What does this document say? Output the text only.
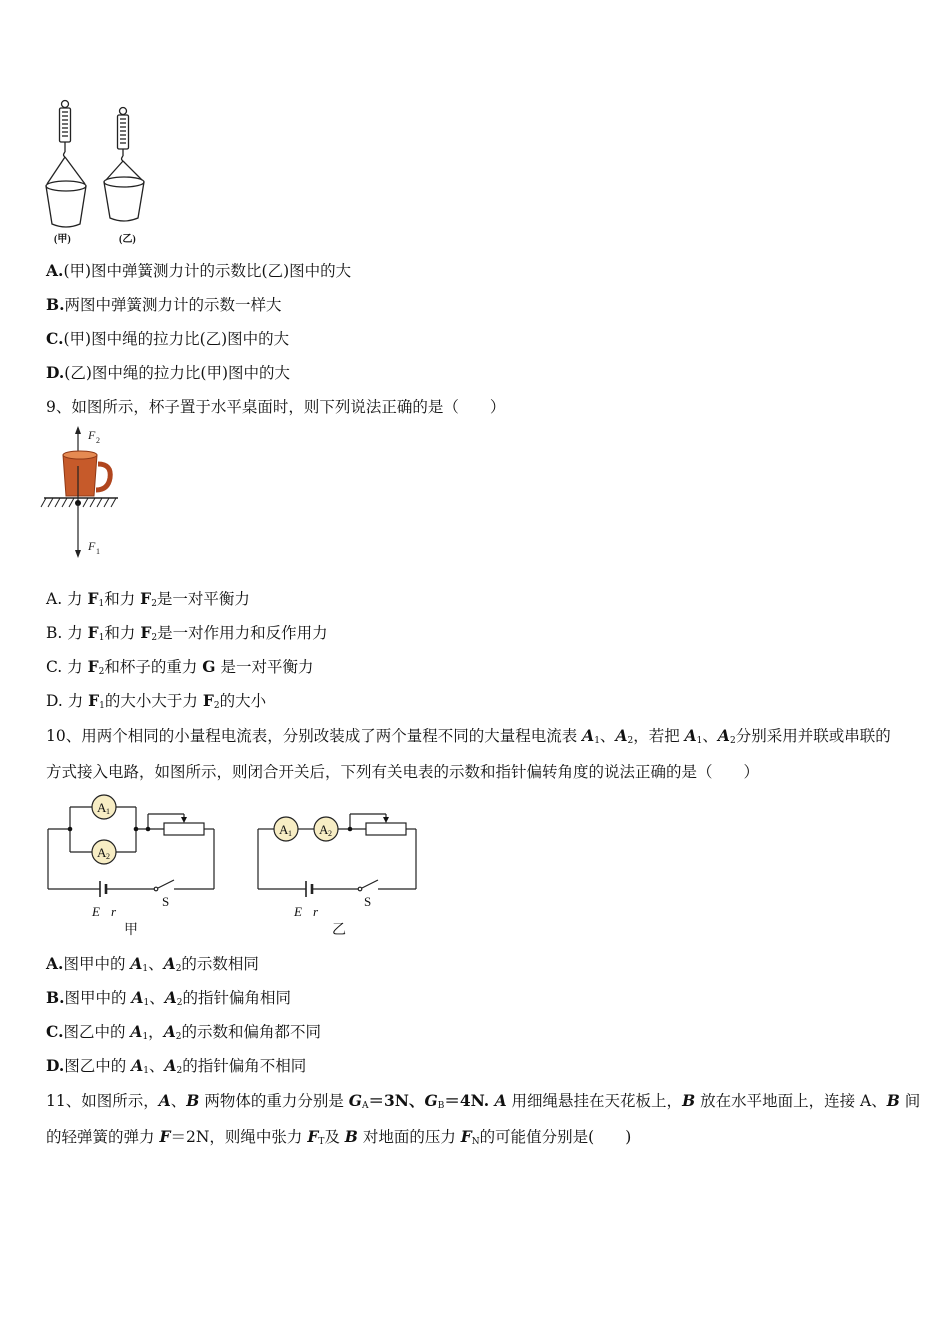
(甲)	(乙)
A.(甲)图中弹簧测力计的示数比(乙)图中的大
B.两图中弹簧测力计的示数一样大
C.(甲)图中绳的拉力比(乙)图中的大
D.(乙)图中绳的拉力比(甲)图中的大
9、如图所示，杯子置于水平桌面时，则下列说法正确的是（　　）
F 2
F 1
A. 力 $F_1$和力 $F_2$是一对平衡力
B. 力 $F_1$和力 $F_2$是一对作用力和反作用力
C. 力 $F_2$和杯子的重力 G 是一对平衡力
D. 力 $F_1$的大小大于力 $F_2$的大小
10、用两个相同的小量程电流表，分别改装成了两个量程不同的大量程电流表 $A_1$、$A_2$，若把 $A_1$、$A_2$分别采用并联或串联的
方式接入电路，如图所示，则闭合开关后，下列有关电表的示数和指针偏转角度的说法正确的是（　　）
A 1
A 2
E r
S
甲
A 1 A 2
E r
S
乙
A.图甲中的 $A_1$、$A_2$的示数相同
B.图甲中的 $A_1$、$A_2$的指针偏角相同
C.图乙中的 $A_1$，$A_2$的示数和偏角都不同
D.图乙中的 $A_1$、$A_2$的指针偏角不相同
11、如图所示，A、B 两物体的重力分别是 $G_A=3N$、$G_B=4N$. A 用细绳悬挂在天花板上，B 放在水平地面上，连接 A、B 间
的轻弹簧的弹力 F＝2N，则绳中张力 $F_T$及 B 对地面的压力 $F_N$的可能值分别是(　　)
